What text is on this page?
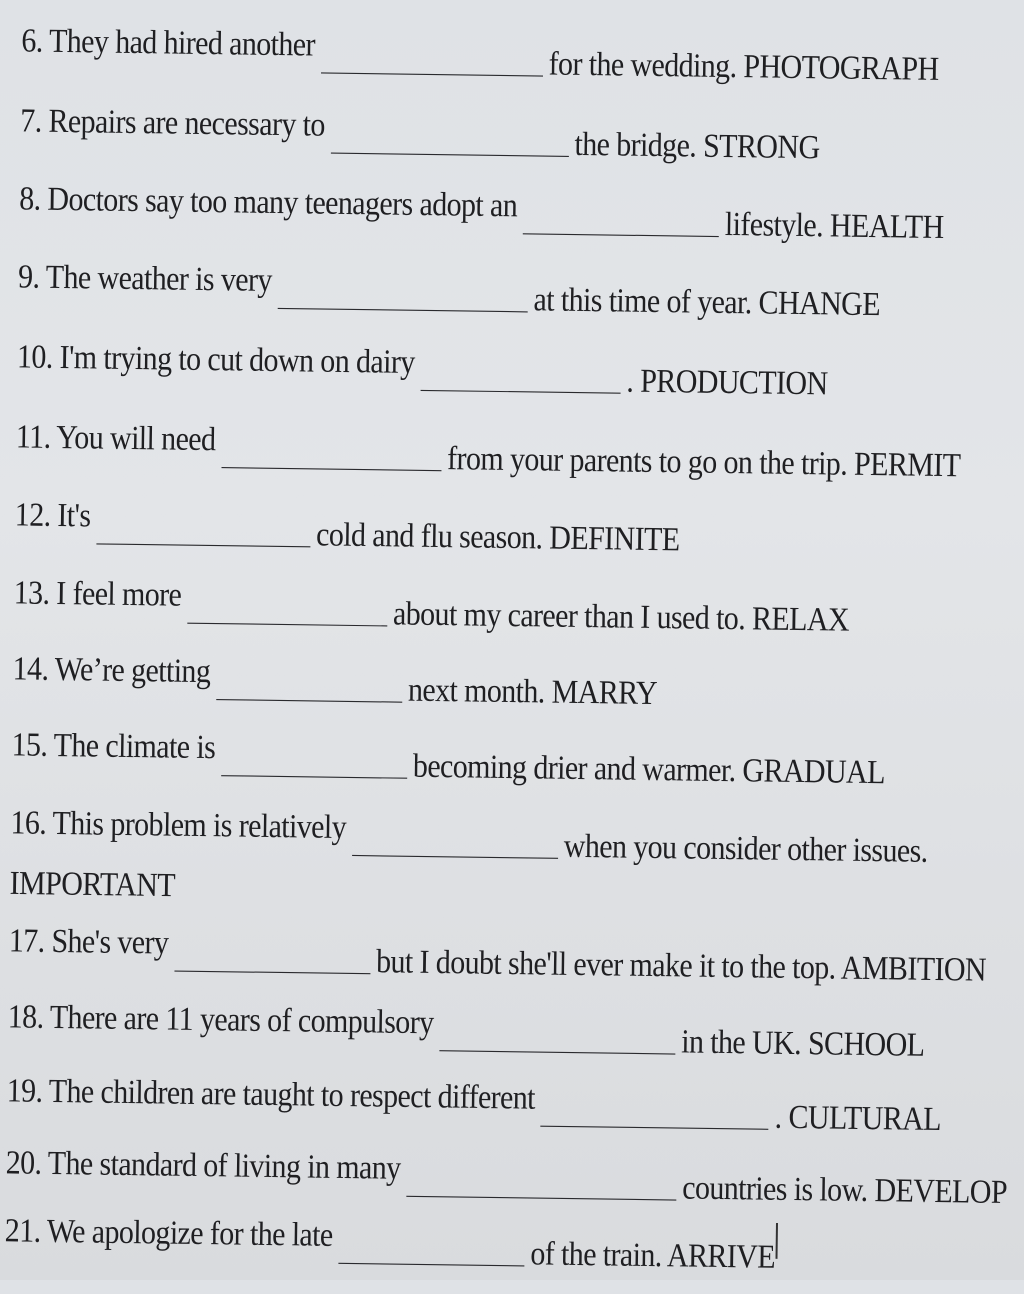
6. They had hired anotherfor the wedding. PHOTOGRAPH
7. Repairs are necessary tothe bridge. STRONG
8. Doctors say too many teenagers adopt anlifestyle. HEALTH
9. The weather is veryat this time of year. CHANGE
10. I'm trying to cut down on dairy. PRODUCTION
11. You will needfrom your parents to go on the trip. PERMIT
12. It'scold and flu season. DEFINITE
13. I feel moreabout my career than I used to. RELAX
14. We’re gettingnext month. MARRY
15. The climate isbecoming drier and warmer. GRADUAL
16. This problem is relativelywhen you consider other issues.
IMPORTANT
17. She's verybut I doubt she'll ever make it to the top. AMBITION
18. There are 11 years of compulsoryin the UK. SCHOOL
19. The children are taught to respect different. CULTURAL
20. The standard of living in manycountries is low. DEVELOP
21. We apologize for the lateof the train. ARRIVE
